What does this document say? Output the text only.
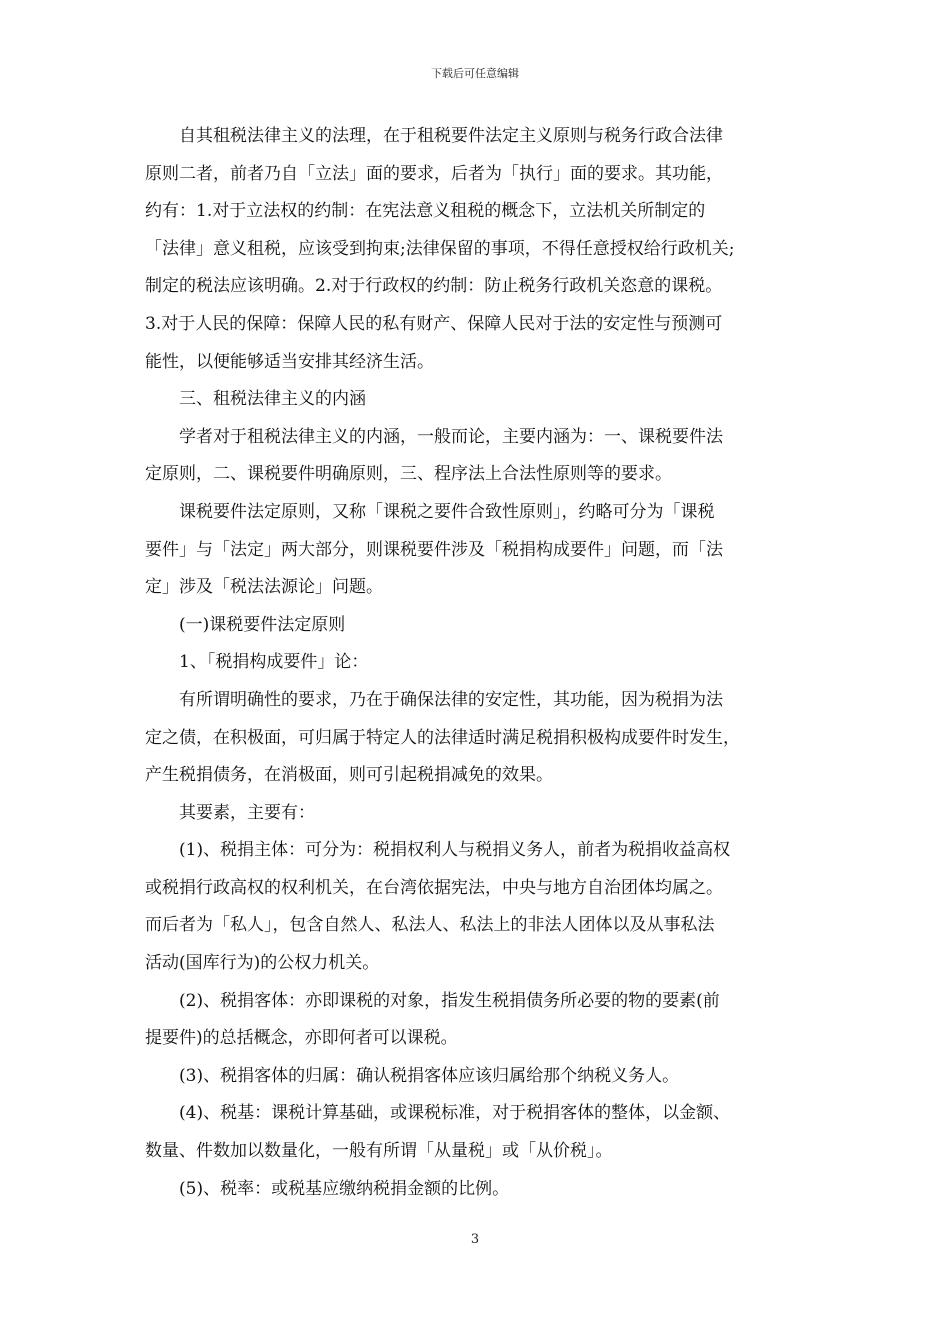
下载后可任意编辑

　　自其租税法律主义的法理，在于租税要件法定主义原则与税务行政合法律
原则二者，前者乃自「立法」面的要求，后者为「执行」面的要求。其功能，
约有：1.对于立法权的约制：在宪法意义租税的概念下，立法机关所制定的
「法律」意义租税，应该受到拘束;法律保留的事项，不得任意授权给行政机关;
制定的税法应该明确。2.对于行政权的约制：防止税务行政机关恣意的课税。
3.对于人民的保障：保障人民的私有财产、保障人民对于法的安定性与预测可
能性，以便能够适当安排其经济生活。

　　三、租税法律主义的内涵

　　学者对于租税法律主义的内涵，一般而论，主要内涵为：一、课税要件法
定原则，二、课税要件明确原则，三、程序法上合法性原则等的要求。

　　课税要件法定原则，又称「课税之要件合致性原则」，约略可分为「课税
要件」与「法定」两大部分，则课税要件涉及「税捐构成要件」问题，而「法
定」涉及「税法法源论」问题。

　　(一)课税要件法定原则

　　1、「税捐构成要件」论：

　　有所谓明确性的要求，乃在于确保法律的安定性，其功能，因为税捐为法
定之债，在积极面，可归属于特定人的法律适时满足税捐积极构成要件时发生，
产生税捐债务，在消极面，则可引起税捐减免的效果。

　　其要素，主要有：

　　(1)、税捐主体：可分为：税捐权利人与税捐义务人，前者为税捐收益高权
或税捐行政高权的权利机关，在台湾依据宪法，中央与地方自治团体均属之。
而后者为「私人」，包含自然人、私法人、私法上的非法人团体以及从事私法
活动(国库行为)的公权力机关。

　　(2)、税捐客体：亦即课税的对象，指发生税捐债务所必要的物的要素(前
提要件)的总括概念，亦即何者可以课税。

　　(3)、税捐客体的归属：确认税捐客体应该归属给那个纳税义务人。

　　(4)、税基：课税计算基础，或课税标准，对于税捐客体的整体，以金额、
数量、件数加以数量化，一般有所谓「从量税」或「从价税」。

　　(5)、税率：或税基应缴纳税捐金额的比例。

3
